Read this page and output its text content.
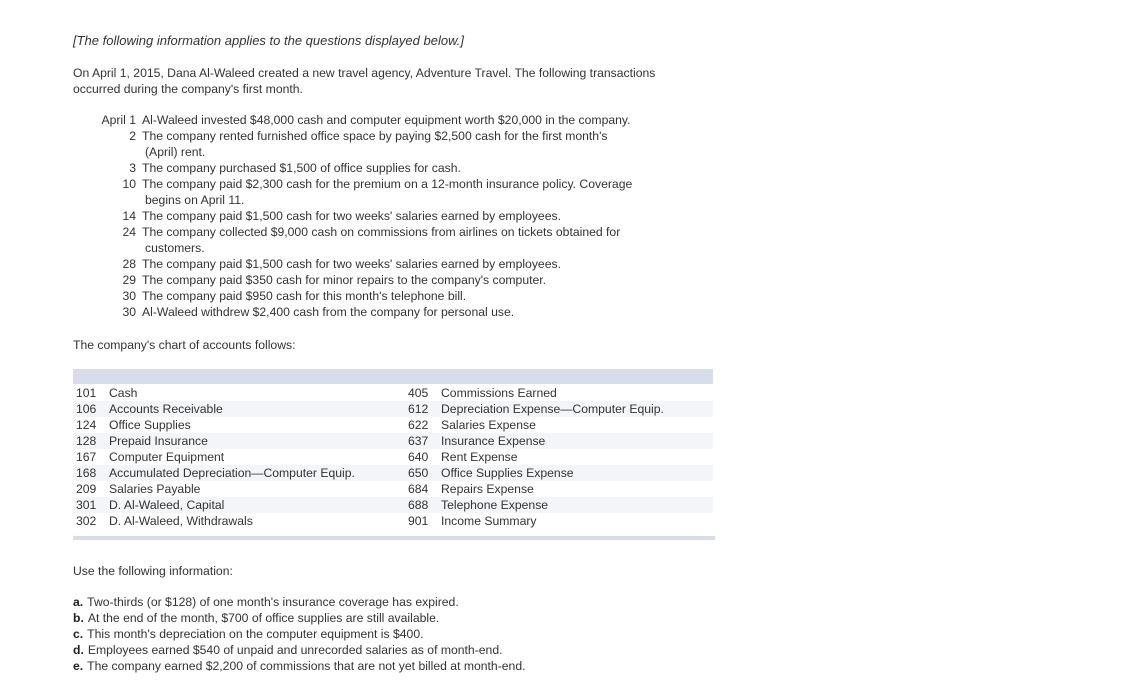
[The following information applies to the questions displayed below.]
On April 1, 2015, Dana Al-Waleed created a new travel agency, Adventure Travel. The following transactions
occurred during the company's first month.
April 1 Al-Waleed invested $48,000 cash and computer equipment worth $20,000 in the company.
2 The company rented furnished office space by paying $2,500 cash for the first month's
(April) rent.
3 The company purchased $1,500 of office supplies for cash.
10 The company paid $2,300 cash for the premium on a 12-month insurance policy. Coverage
begins on April 11.
14 The company paid $1,500 cash for two weeks' salaries earned by employees.
24 The company collected $9,000 cash on commissions from airlines on tickets obtained for
customers.
28 The company paid $1,500 cash for two weeks' salaries earned by employees.
29 The company paid $350 cash for minor repairs to the company's computer.
30 The company paid $950 cash for this month's telephone bill.
30 Al-Waleed withdrew $2,400 cash from the company for personal use.
The company's chart of accounts follows:
101 Cash	405 Commissions Earned
106 Accounts Receivable	612 Depreciation Expense—Computer Equip.
124 Office Supplies	622 Salaries Expense
128 Prepaid Insurance	637 Insurance Expense
167 Computer Equipment	640 Rent Expense
168 Accumulated Depreciation—Computer Equip.	650 Office Supplies Expense
209 Salaries Payable	684 Repairs Expense
301 D. Al-Waleed, Capital	688 Telephone Expense
302 D. Al-Waleed, Withdrawals	901 Income Summary
Use the following information:
a. Two-thirds (or $128) of one month's insurance coverage has expired.
b. At the end of the month, $700 of office supplies are still available.
c. This month's depreciation on the computer equipment is $400.
d. Employees earned $540 of unpaid and unrecorded salaries as of month-end.
e. The company earned $2,200 of commissions that are not yet billed at month-end.
